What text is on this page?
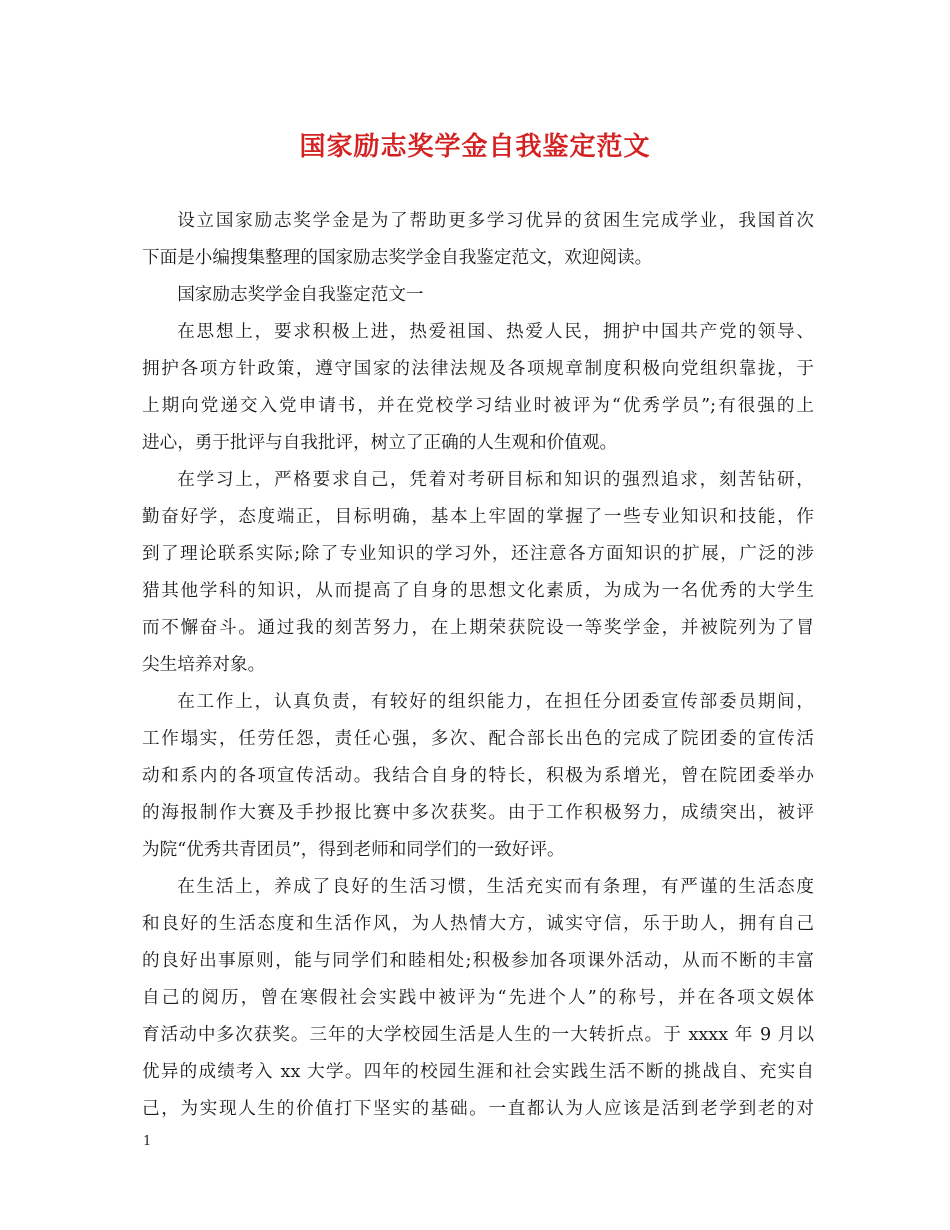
国家励志奖学金自我鉴定范文
设立国家励志奖学金是为了帮助更多学习优异的贫困生完成学业，我国首次
下面是小编搜集整理的国家励志奖学金自我鉴定范文，欢迎阅读。
国家励志奖学金自我鉴定范文一
在思想上，要求积极上进，热爱祖国、热爱人民，拥护中国共产党的领导、
拥护各项方针政策，遵守国家的法律法规及各项规章制度积极向党组织靠拢，于
上期向党递交入党申请书，并在党校学习结业时被评为“优秀学员”;有很强的上
进心，勇于批评与自我批评，树立了正确的人生观和价值观。
在学习上，严格要求自己，凭着对考研目标和知识的强烈追求，刻苦钻研，
勤奋好学，态度端正，目标明确，基本上牢固的掌握了一些专业知识和技能，作
到了理论联系实际;除了专业知识的学习外，还注意各方面知识的扩展，广泛的涉
猎其他学科的知识，从而提高了自身的思想文化素质，为成为一名优秀的大学生
而不懈奋斗。通过我的刻苦努力，在上期荣获院设一等奖学金，并被院列为了冒
尖生培养对象。
在工作上，认真负责，有较好的组织能力，在担任分团委宣传部委员期间，
工作塌实，任劳任怨，责任心强，多次、配合部长出色的完成了院团委的宣传活
动和系内的各项宣传活动。我结合自身的特长，积极为系增光，曾在院团委举办
的海报制作大赛及手抄报比赛中多次获奖。由于工作积极努力，成绩突出，被评
为院“优秀共青团员”，得到老师和同学们的一致好评。
在生活上，养成了良好的生活习惯，生活充实而有条理，有严谨的生活态度
和良好的生活态度和生活作风，为人热情大方，诚实守信，乐于助人，拥有自己
的良好出事原则，能与同学们和睦相处;积极参加各项课外活动，从而不断的丰富
自己的阅历，曾在寒假社会实践中被评为“先进个人”的称号，并在各项文娱体
育活动中多次获奖。三年的大学校园生活是人生的一大转折点。于 xxxx 年 9 月以
优异的成绩考入 xx 大学。四年的校园生涯和社会实践生活不断的挑战自、充实自
己，为实现人生的价值打下坚实的基础。一直都认为人应该是活到老学到老的对
1
